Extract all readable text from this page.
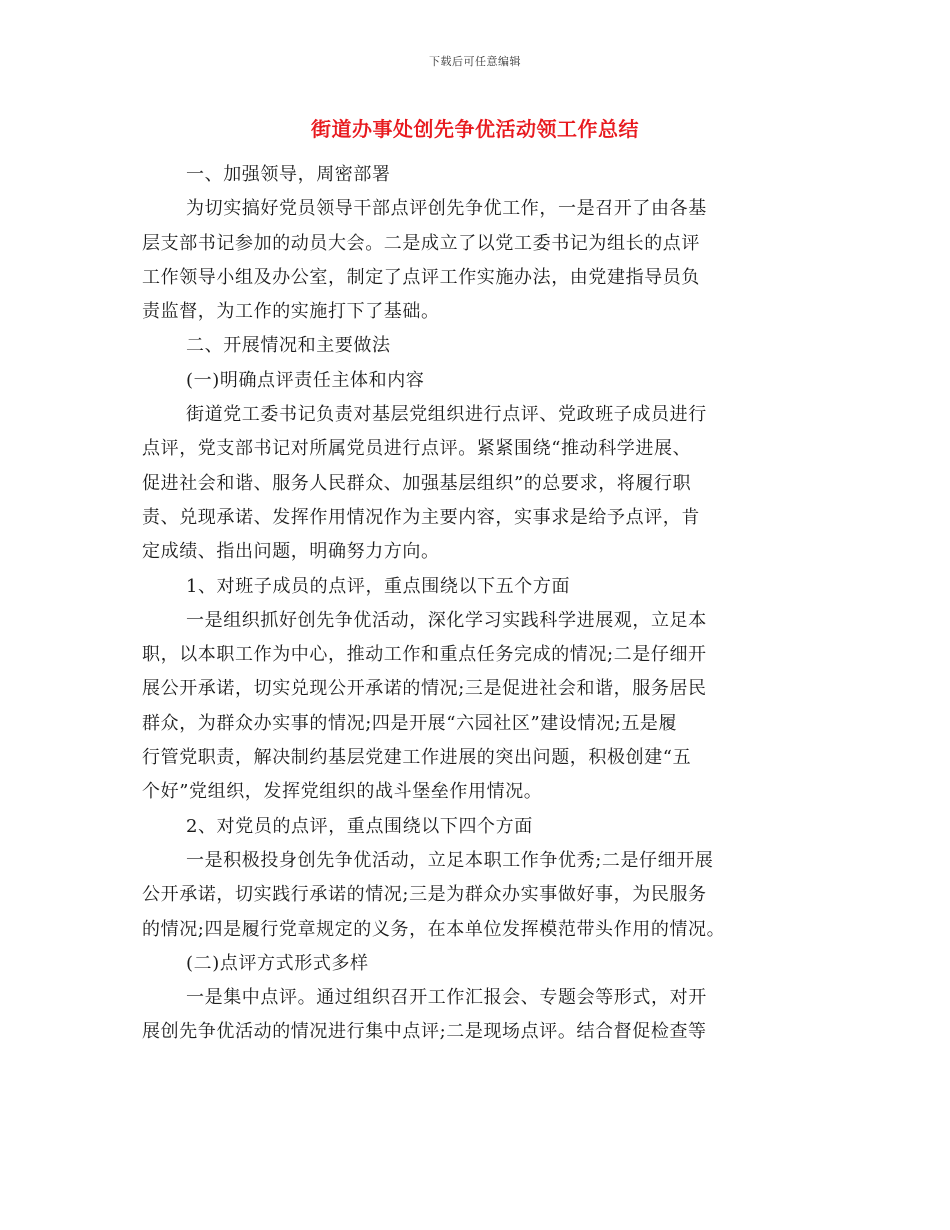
下载后可任意编辑
街道办事处创先争优活动领工作总结
一、加强领导，周密部署
为切实搞好党员领导干部点评创先争优工作，一是召开了由各基
层支部书记参加的动员大会。二是成立了以党工委书记为组长的点评
工作领导小组及办公室，制定了点评工作实施办法，由党建指导员负
责监督，为工作的实施打下了基础。
二、开展情况和主要做法
(一)明确点评责任主体和内容
街道党工委书记负责对基层党组织进行点评、党政班子成员进行
点评，党支部书记对所属党员进行点评。紧紧围绕“推动科学进展、
促进社会和谐、服务人民群众、加强基层组织”的总要求，将履行职
责、兑现承诺、发挥作用情况作为主要内容，实事求是给予点评，肯
定成绩、指出问题，明确努力方向。
1、对班子成员的点评，重点围绕以下五个方面
一是组织抓好创先争优活动，深化学习实践科学进展观，立足本
职，以本职工作为中心，推动工作和重点任务完成的情况;二是仔细开
展公开承诺，切实兑现公开承诺的情况;三是促进社会和谐，服务居民
群众，为群众办实事的情况;四是开展“六园社区”建设情况;五是履
行管党职责，解决制约基层党建工作进展的突出问题，积极创建“五
个好”党组织，发挥党组织的战斗堡垒作用情况。
2、对党员的点评，重点围绕以下四个方面
一是积极投身创先争优活动，立足本职工作争优秀;二是仔细开展
公开承诺，切实践行承诺的情况;三是为群众办实事做好事，为民服务
的情况;四是履行党章规定的义务，在本单位发挥模范带头作用的情况。
(二)点评方式形式多样
一是集中点评。通过组织召开工作汇报会、专题会等形式，对开
展创先争优活动的情况进行集中点评;二是现场点评。结合督促检查等
